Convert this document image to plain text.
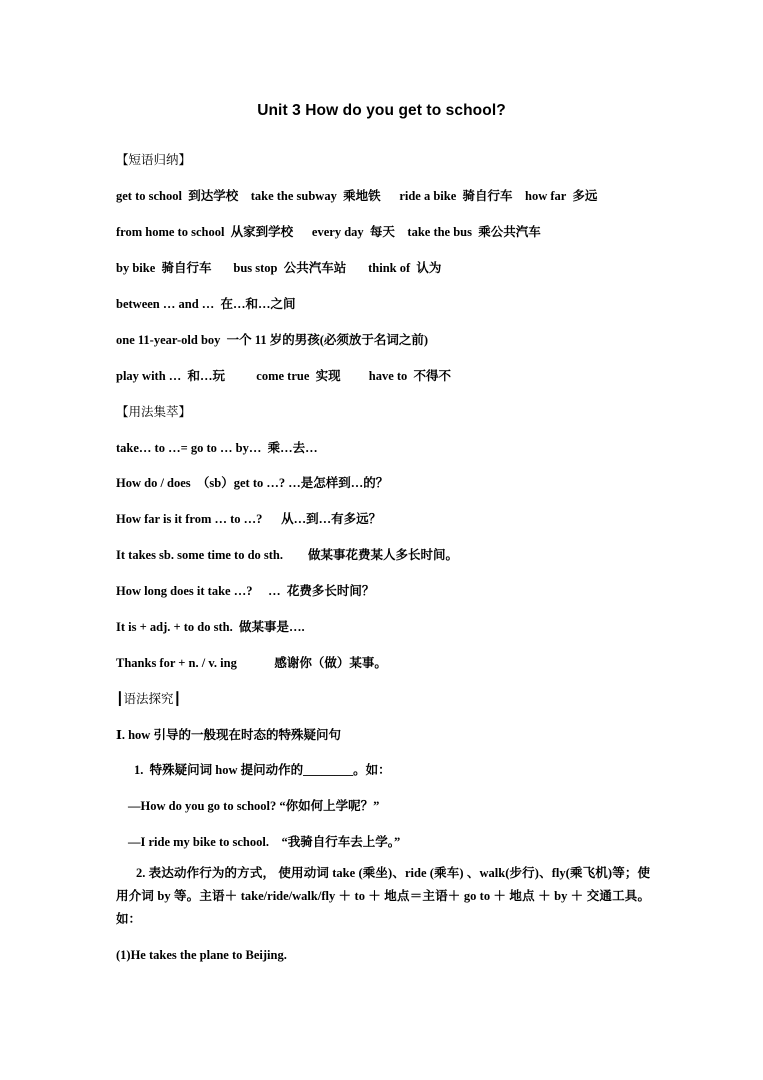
Unit 3 How do you get to school?
【短语归纳】
get to school  到达学校    take the subway  乘地铁      ride a bike  骑自行车    how far  多远
from home to school  从家到学校      every day  每天    take the bus  乘公共汽车
by bike  骑自行车       bus stop  公共汽车站       think of  认为
between … and …  在…和…之间
one 11-year-old boy  一个 11 岁的男孩(必须放于名词之前)
play with …  和…玩          come true  实现         have to  不得不
【用法集萃】
take… to …= go to … by…  乘…去…
How do / does  （sb）get to …? …是怎样到…的？
How far is it from … to …?      从…到…有多远？
It takes sb. some time to do sth.        做某事花费某人多长时间。
How long does it take …?     …  花费多长时间？
It is + adj. + to do sth.  做某事是….
Thanks for + n. / v. ing            感谢你（做）某事。
┃语法探究┃
Ⅰ. how 引导的一般现在时态的特殊疑问句
1.  特殊疑问词 how 提问动作的________。如：
—How do you go to school? “你如何上学呢？”
—I ride my bike to school.    “我骑自行车去上学。”
2. 表达动作行为的方式， 使用动词 take (乘坐)、ride (乘车) 、walk(步行)、fly(乘飞机)等；使用介词 by 等。主语＋ take/ride/walk/fly ＋ to ＋ 地点＝主语＋ go to ＋ 地点 ＋ by ＋ 交通工具。 如：
(1)He takes the plane to Beijing.
